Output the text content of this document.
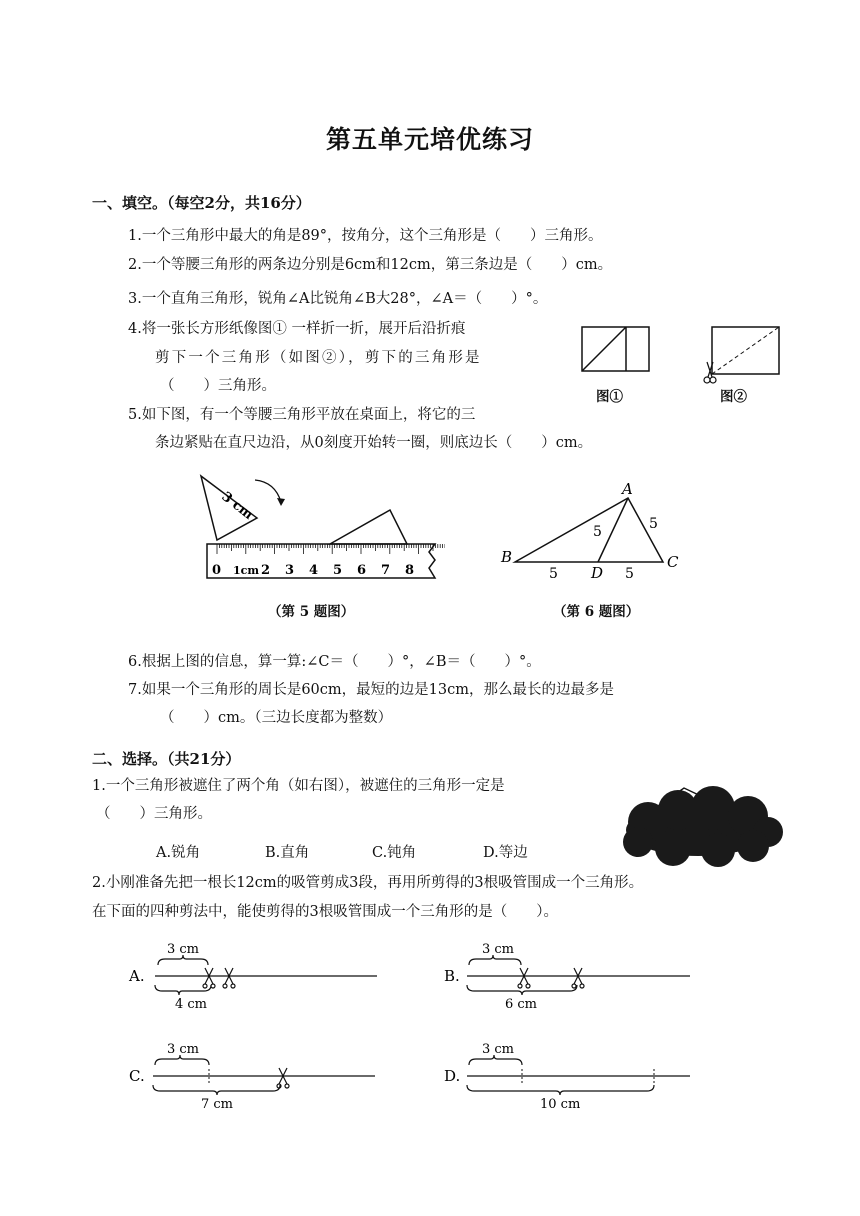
第五单元培优练习
一、填空。（每空2分，共16分）
1.一个三角形中最大的角是89°，按角分，这个三角形是（　　）三角形。
2.一个等腰三角形的两条边分别是6cm和12cm，第三条边是（　　）cm。
3.一个直角三角形，锐角∠A比锐角∠B大28°，∠A＝（　　）°。
4.将一张长方形纸像图① 一样折一折，展开后沿折痕
剪下一个三角形（如图②），剪下的三角形是
（　　）三角形。
图①	图②
5.如下图，有一个等腰三角形平放在桌面上，将它的三
条边紧贴在直尺边沿，从0刻度开始转一圈，则底边长（　　）cm。
3 cm
0 1cm 2 3 4 5 6 7 8
（第 5 题图）
A
B	C
D
5	5
5	5
（第 6 题图）
6.根据上图的信息，算一算:∠C＝（　　）°，∠B＝（　　）°。
7.如果一个三角形的周长是60cm，最短的边是13cm，那么最长的边最多是
（　　）cm。（三边长度都为整数）
二、选择。（共21分）
1.一个三角形被遮住了两个角（如右图），被遮住的三角形一定是
（　　）三角形。
A.锐角	B.直角	C.钝角	D.等边
2.小刚准备先把一根长12cm的吸管剪成3段，再用所剪得的3根吸管围成一个三角形。
在下面的四种剪法中，能使剪得的3根吸管围成一个三角形的是（　　）。
A.
3 cm
4 cm
B.
3 cm
6 cm
C.
3 cm
7 cm
D.
3 cm
10 cm
